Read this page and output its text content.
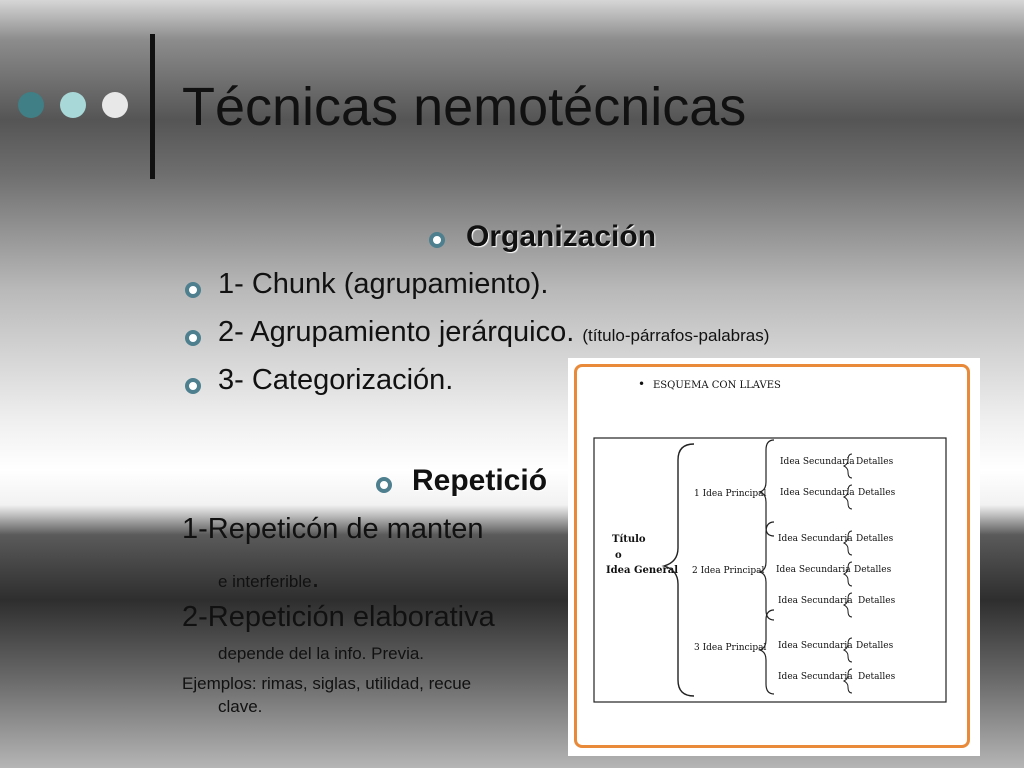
Técnicas nemotécnicas
Organización
1- Chunk (agrupamiento).
2- Agrupamiento jerárquico. (título-párrafos-palabras)
3- Categorización.
Repetició
1-Repeticón de manten
e interferible.
2-Repetición elaborativa
depende del la info. Previa.
Ejemplos: rimas, siglas, utilidad, recue
clave.
• ESQUEMA CON LLAVES
Título
o
Idea General
1 Idea Principal
2 Idea Principal
3 Idea Principal
Idea Secundaria
Idea Secundaria
Idea Secundaria
Idea Secundaria
Idea Secundaria
Idea Secundaria
Idea Secundaria
Detalles
Detalles
Detalles
Detalles
Detalles
Detalles
Detalles
